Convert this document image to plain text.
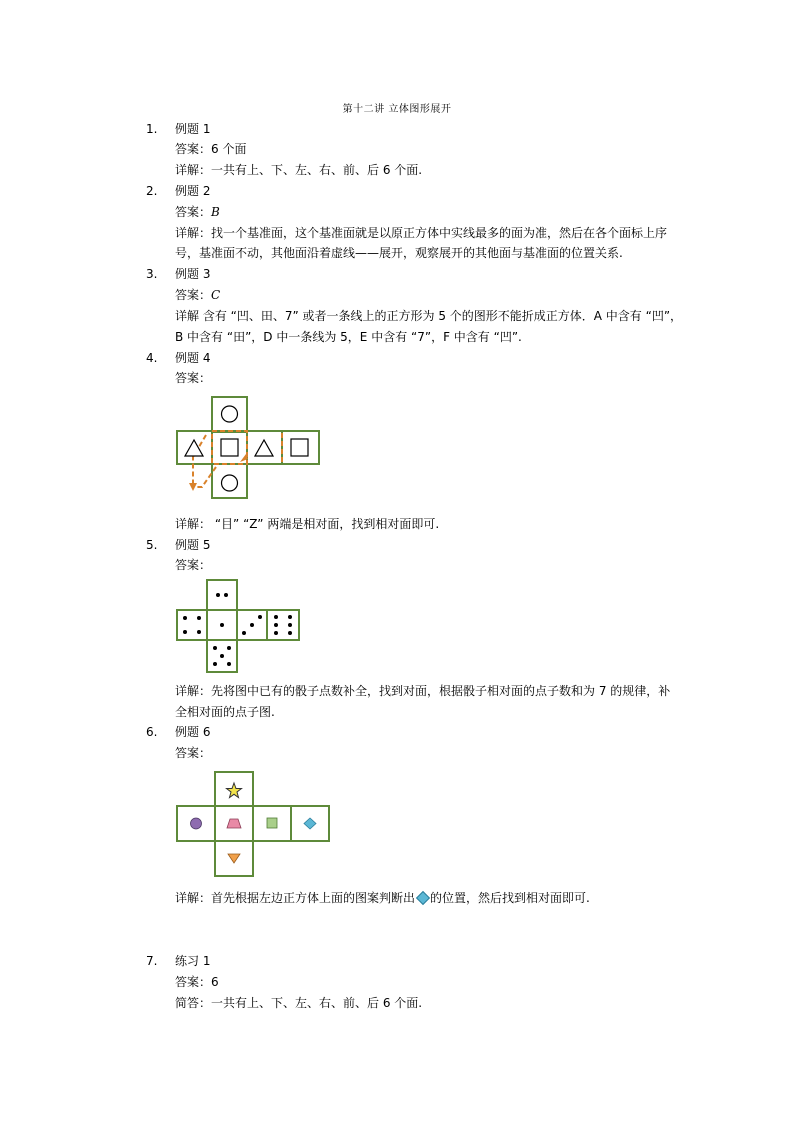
第十二讲 立体图形展开
1. 例题 1
答案：6 个面
详解：一共有上、下、左、右、前、后 6 个面.
2. 例题 2
答案：B
详解：找一个基准面，这个基准面就是以原正方体中实线最多的面为准，然后在各个面标上序
号，基准面不动，其他面沿着虚线——展开，观察展开的其他面与基准面的位置关系.
3. 例题 3
答案：C
详解 含有 “凹、田、7” 或者一条线上的正方形为 5 个的图形不能折成正方体．A 中含有 “凹”，
B 中含有 “田”，D 中一条线为 5，E 中含有 “7”，F 中含有 “凹”.
4. 例题 4
答案：
详解： “目” “Z” 两端是相对面，找到相对面即可.
5. 例题 5
答案：
详解：先将图中已有的骰子点数补全，找到对面，根据骰子相对面的点子数和为 7 的规律，补
全相对面的点子图.
6. 例题 6
答案：
详解：首先根据左边正方体上面的图案判断出 的位置，然后找到相对面即可.
7. 练习 1
答案：6
简答：一共有上、下、左、右、前、后 6 个面.
